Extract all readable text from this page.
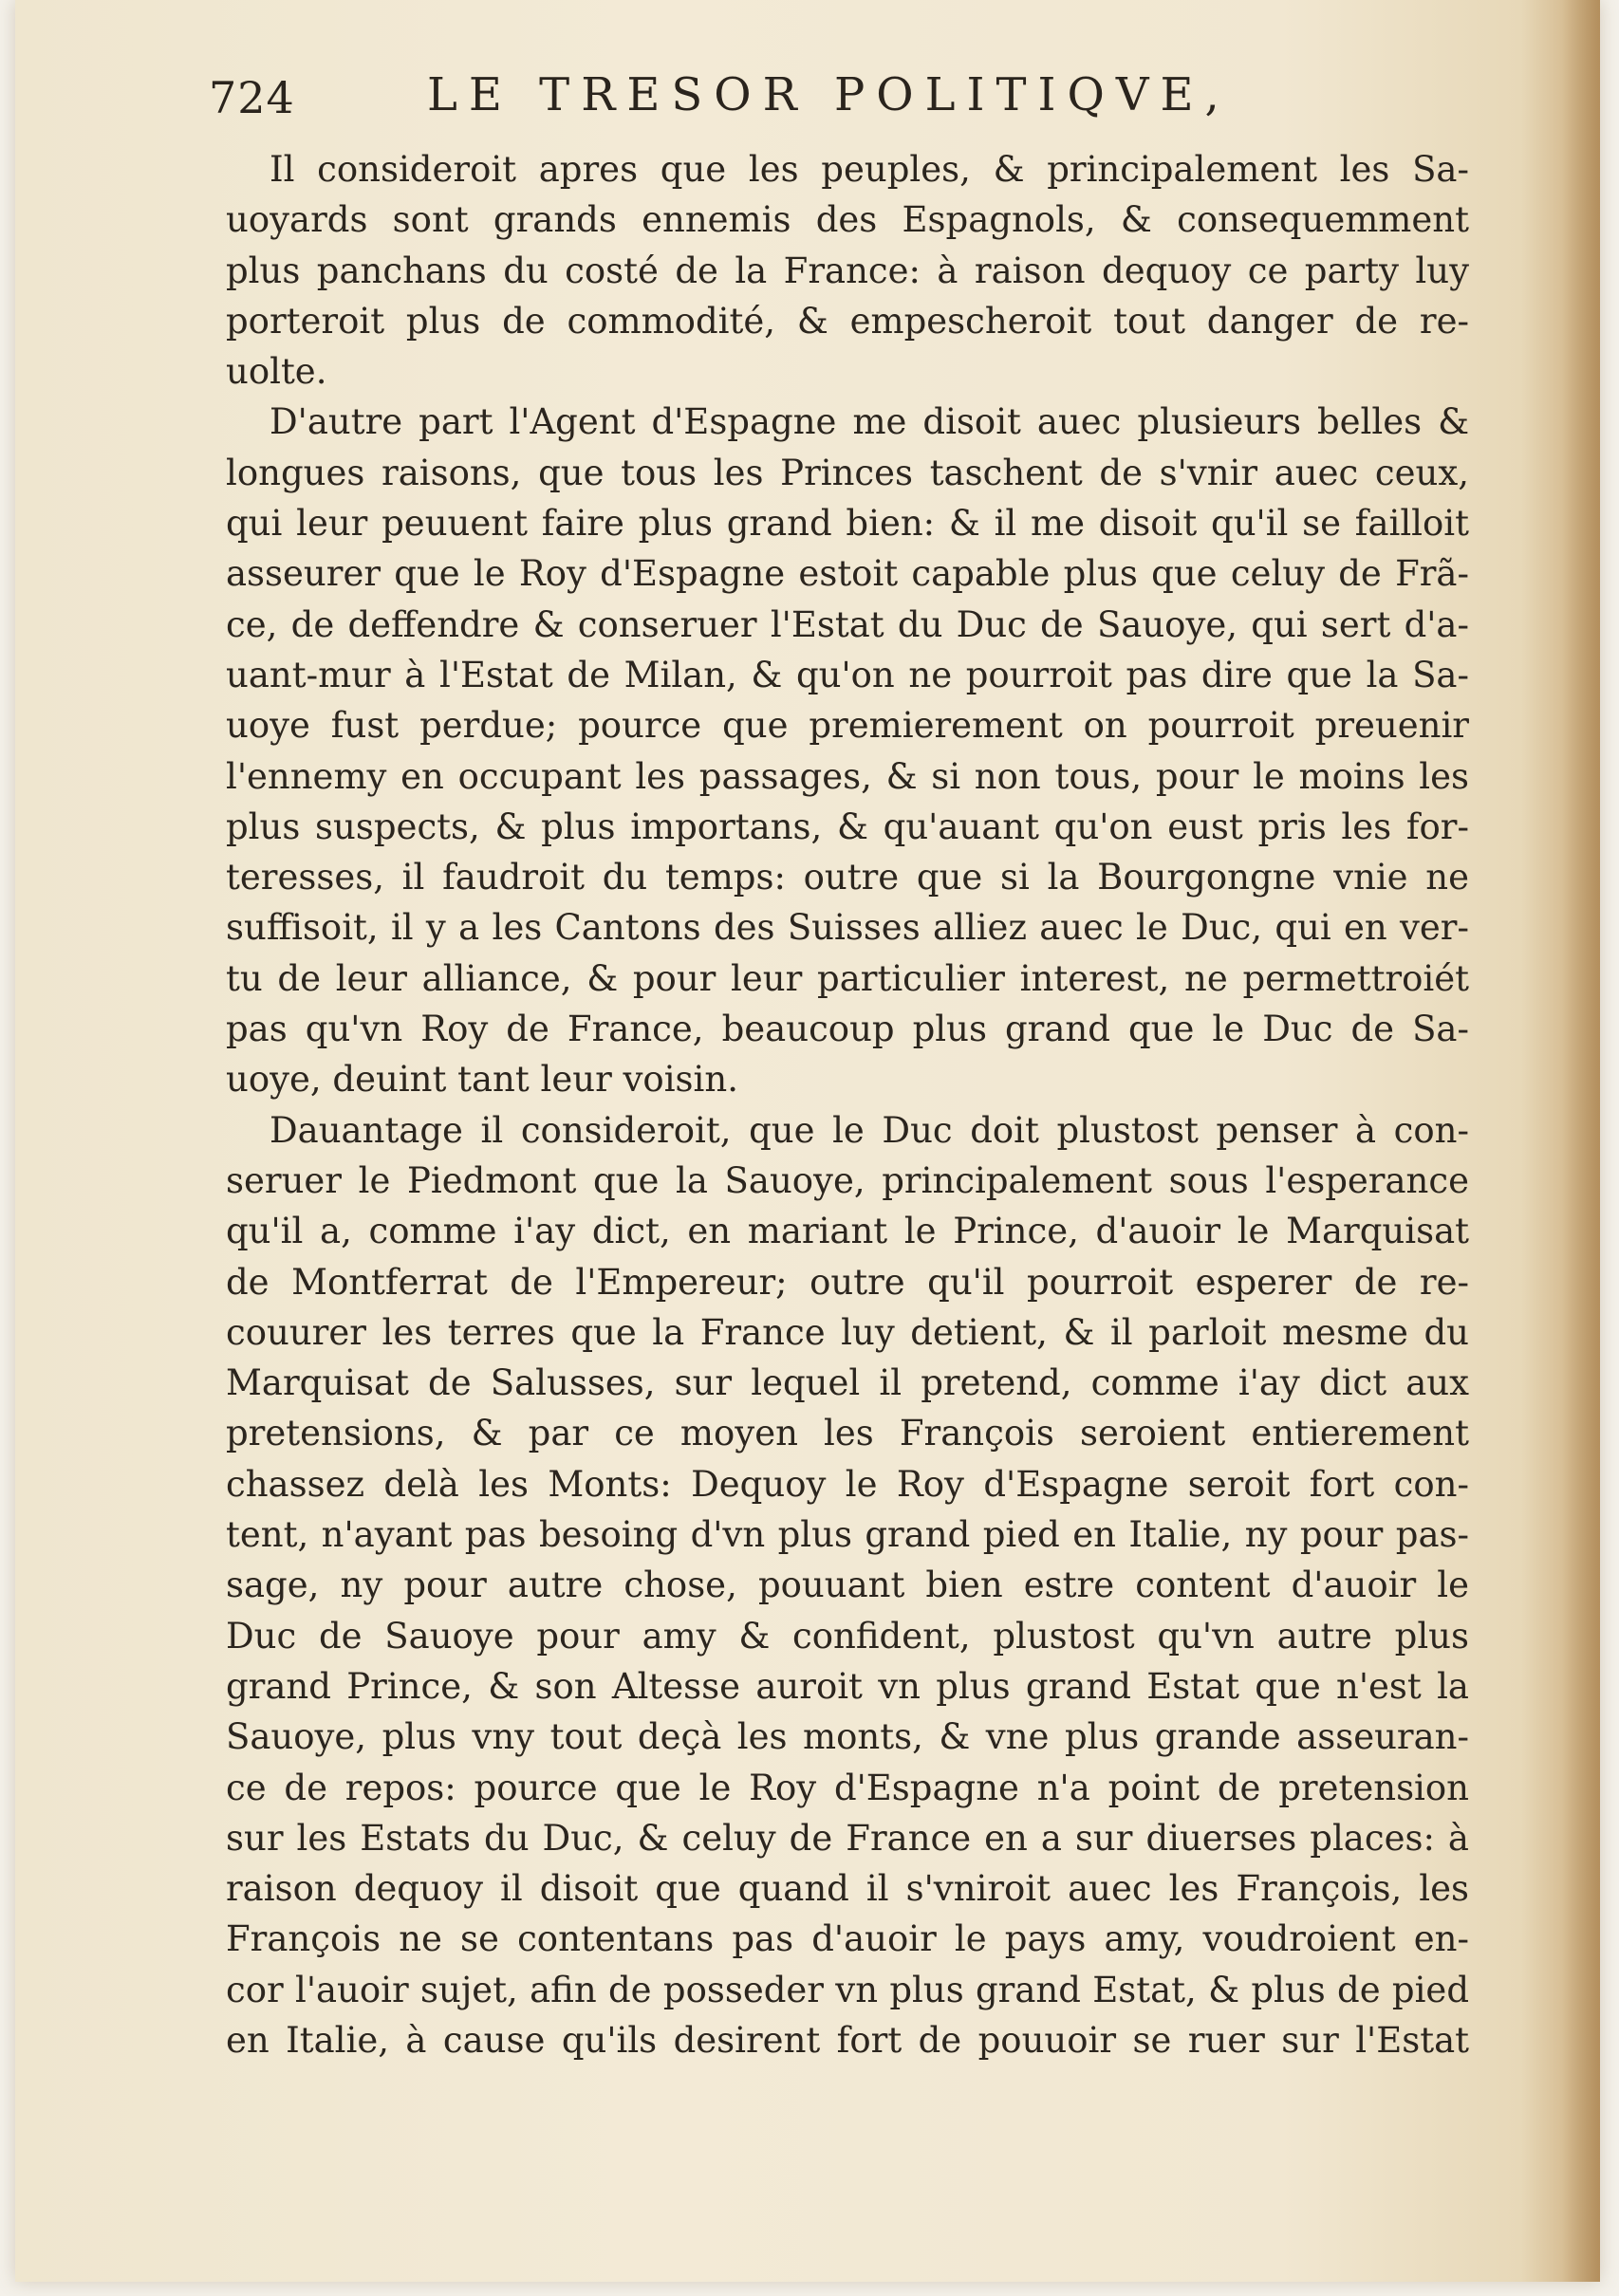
724	LE TRESOR POLITIQVE,
Il consideroit apres que les peuples, & principalement les Sa-
uoyards sont grands ennemis des Espagnols, & consequemment
plus panchans du costé de la France: à raison dequoy ce party luy
porteroit plus de commodité, & empescheroit tout danger de re-
uolte.
D'autre part l'Agent d'Espagne me disoit auec plusieurs belles &
longues raisons, que tous les Princes taschent de s'vnir auec ceux,
qui leur peuuent faire plus grand bien: & il me disoit qu'il se failloit
asseurer que le Roy d'Espagne estoit capable plus que celuy de Frã-
ce, de deffendre & conseruer l'Estat du Duc de Sauoye, qui sert d'a-
uant-mur à l'Estat de Milan, & qu'on ne pourroit pas dire que la Sa-
uoye fust perdue; pource que premierement on pourroit preuenir
l'ennemy en occupant les passages, & si non tous, pour le moins les
plus suspects, & plus importans, & qu'auant qu'on eust pris les for-
teresses, il faudroit du temps: outre que si la Bourgongne vnie ne
suffisoit, il y a les Cantons des Suisses alliez auec le Duc, qui en ver-
tu de leur alliance, & pour leur particulier interest, ne permettroiét
pas qu'vn Roy de France, beaucoup plus grand que le Duc de Sa-
uoye, deuint tant leur voisin.
Dauantage il consideroit, que le Duc doit plustost penser à con-
seruer le Piedmont que la Sauoye, principalement sous l'esperance
qu'il a, comme i'ay dict, en mariant le Prince, d'auoir le Marquisat
de Montferrat de l'Empereur; outre qu'il pourroit esperer de re-
couurer les terres que la France luy detient, & il parloit mesme du
Marquisat de Salusses, sur lequel il pretend, comme i'ay dict aux
pretensions, & par ce moyen les François seroient entierement
chassez delà les Monts: Dequoy le Roy d'Espagne seroit fort con-
tent, n'ayant pas besoing d'vn plus grand pied en Italie, ny pour pas-
sage, ny pour autre chose, pouuant bien estre content d'auoir le
Duc de Sauoye pour amy & confident, plustost qu'vn autre plus
grand Prince, & son Altesse auroit vn plus grand Estat que n'est la
Sauoye, plus vny tout deçà les monts, & vne plus grande asseuran-
ce de repos: pource que le Roy d'Espagne n'a point de pretension
sur les Estats du Duc, & celuy de France en a sur diuerses places: à
raison dequoy il disoit que quand il s'vniroit auec les François, les
François ne se contentans pas d'auoir le pays amy, voudroient en-
cor l'auoir sujet, afin de posseder vn plus grand Estat, & plus de pied
en Italie, à cause qu'ils desirent fort de pouuoir se ruer sur l'Estat
